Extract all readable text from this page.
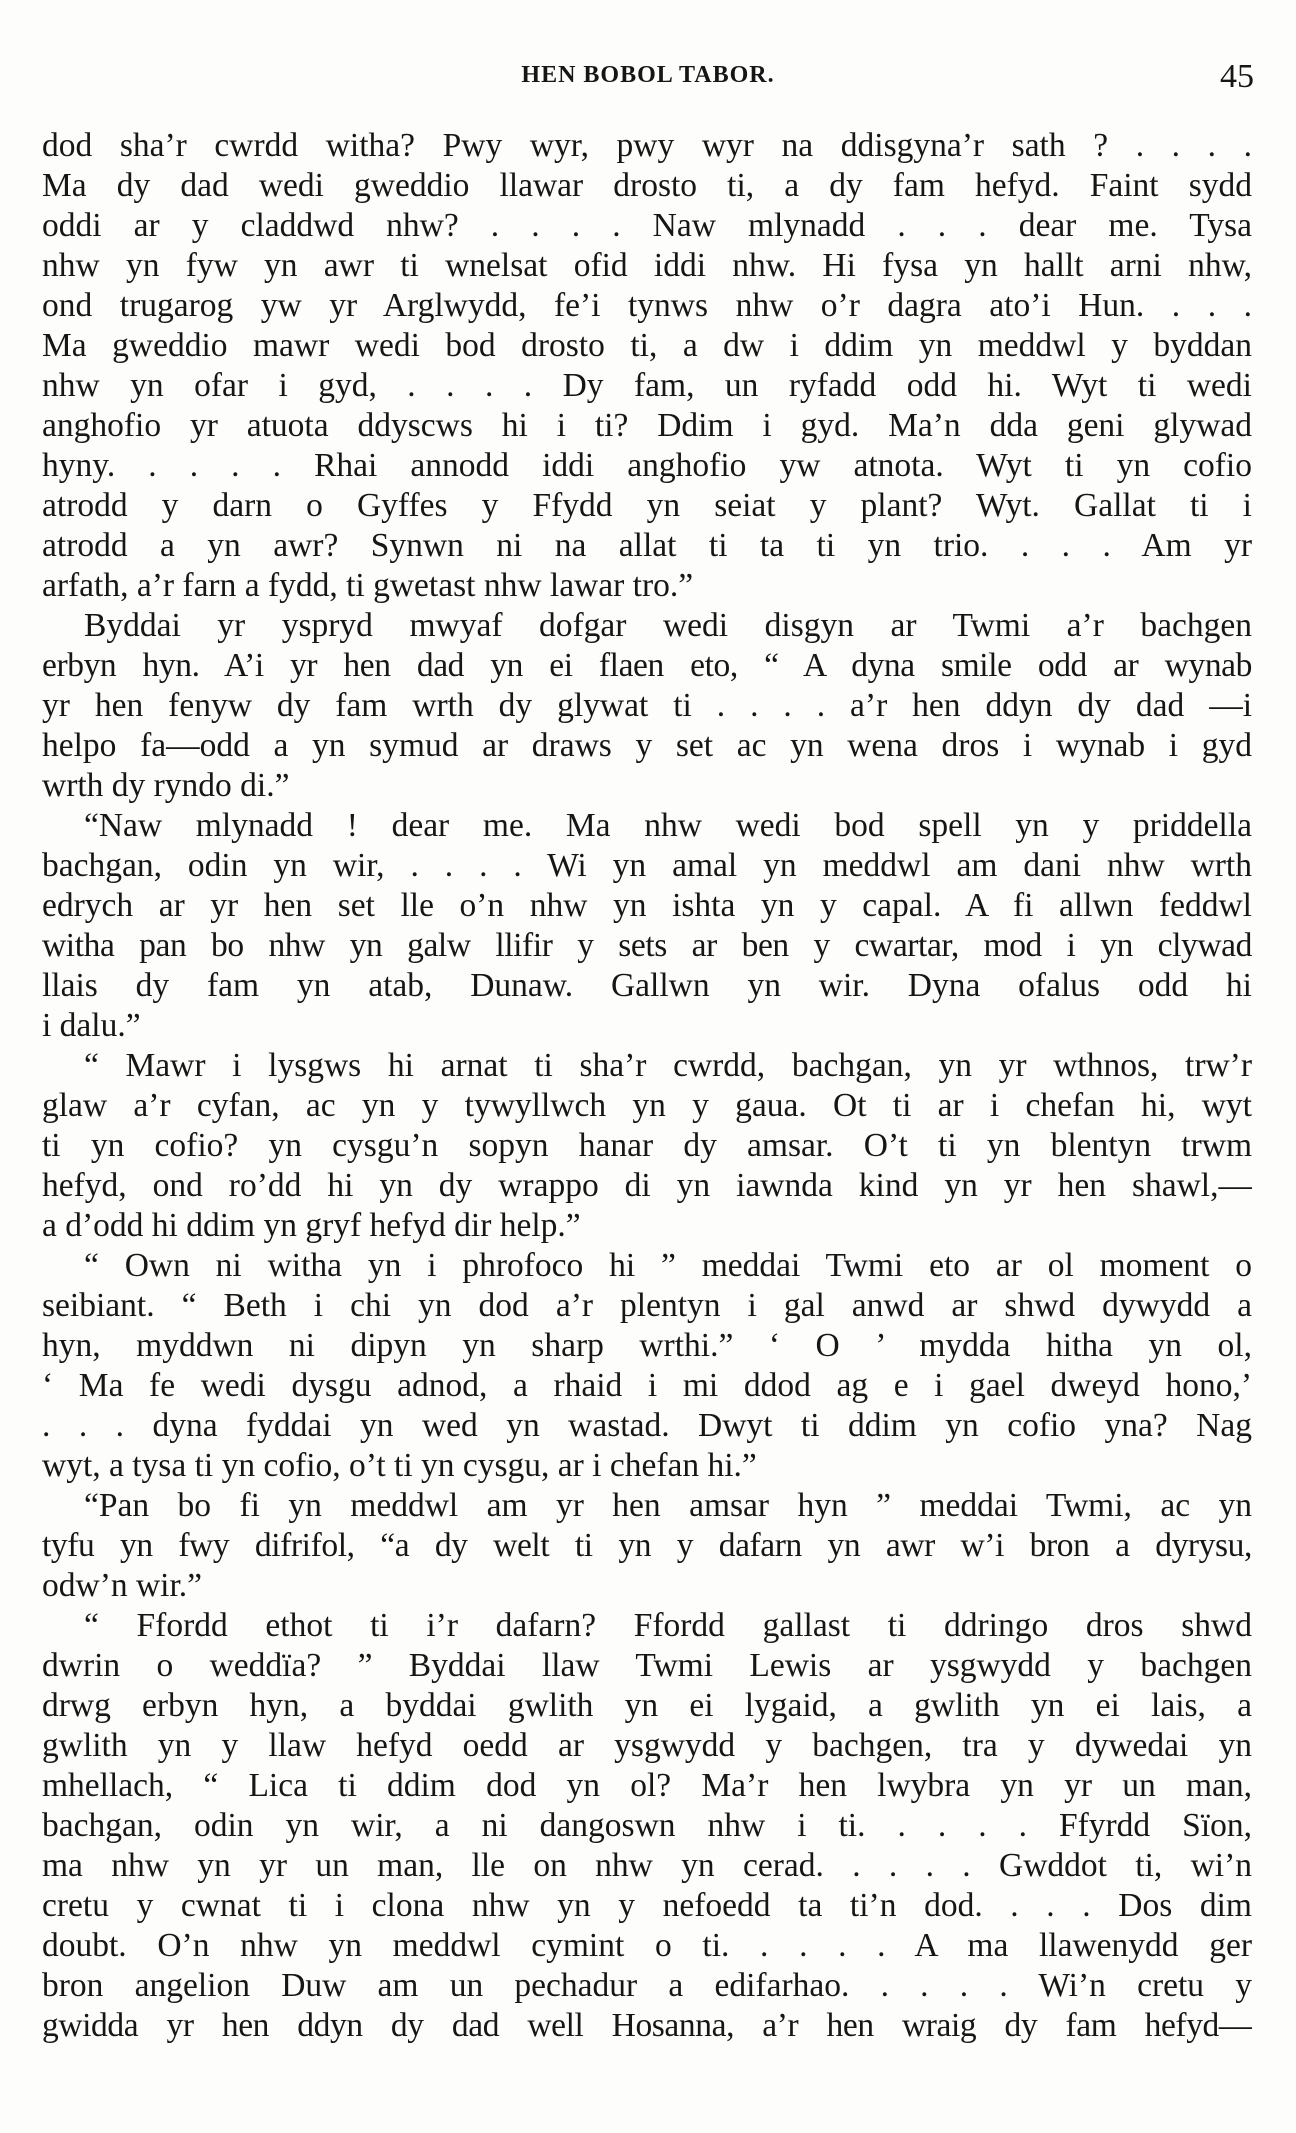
HEN BOBOL TABOR.	45
dod sha’r cwrdd witha? Pwy wyr, pwy wyr na ddisgyna’r sath ? . . . .
Ma dy dad wedi gweddio llawar drosto ti, a dy fam hefyd. Faint sydd
oddi ar y claddwd nhw? . . . . Naw mlynadd . . . dear me. Tysa
nhw yn fyw yn awr ti wnelsat ofid iddi nhw. Hi fysa yn hallt arni nhw,
ond trugarog yw yr Arglwydd, fe’i tynws nhw o’r dagra ato’i Hun. . . .
Ma gweddio mawr wedi bod drosto ti, a dw i ddim yn meddwl y byddan
nhw yn ofar i gyd, . . . . Dy fam, un ryfadd odd hi. Wyt ti wedi
anghofio yr atuota ddyscws hi i ti? Ddim i gyd. Ma’n dda geni glywad
hyny. . . . . Rhai annodd iddi anghofio yw atnota. Wyt ti yn cofio
atrodd y darn o Gyffes y Ffydd yn seiat y plant? Wyt. Gallat ti i
atrodd a yn awr? Synwn ni na allat ti ta ti yn trio. . . . Am yr
arfath, a’r farn a fydd, ti gwetast nhw lawar tro.”
Byddai yr yspryd mwyaf dofgar wedi disgyn ar Twmi a’r bachgen
erbyn hyn. A’i yr hen dad yn ei flaen eto, “ A dyna smile odd ar wynab
yr hen fenyw dy fam wrth dy glywat ti . . . . a’r hen ddyn dy dad —i
helpo fa—odd a yn symud ar draws y set ac yn wena dros i wynab i gyd
wrth dy ryndo di.”
“Naw mlynadd ! dear me. Ma nhw wedi bod spell yn y priddella
bachgan, odin yn wir, . . . . Wi yn amal yn meddwl am dani nhw wrth
edrych ar yr hen set lle o’n nhw yn ishta yn y capal. A fi allwn feddwl
witha pan bo nhw yn galw llifir y sets ar ben y cwartar, mod i yn clywad
llais dy fam yn atab, Dunaw. Gallwn yn wir. Dyna ofalus odd hi
i dalu.”
“ Mawr i lysgws hi arnat ti sha’r cwrdd, bachgan, yn yr wthnos, trw’r
glaw a’r cyfan, ac yn y tywyllwch yn y gaua. Ot ti ar i chefan hi, wyt
ti yn cofio? yn cysgu’n sopyn hanar dy amsar. O’t ti yn blentyn trwm
hefyd, ond ro’dd hi yn dy wrappo di yn iawnda kind yn yr hen shawl,—
a d’odd hi ddim yn gryf hefyd dir help.”
“ Own ni witha yn i phrofoco hi ” meddai Twmi eto ar ol moment o
seibiant. “ Beth i chi yn dod a’r plentyn i gal anwd ar shwd dywydd a
hyn, myddwn ni dipyn yn sharp wrthi.” ‘ O ’ mydda hitha yn ol,
‘ Ma fe wedi dysgu adnod, a rhaid i mi ddod ag e i gael dweyd hono,’
. . . dyna fyddai yn wed yn wastad. Dwyt ti ddim yn cofio yna? Nag
wyt, a tysa ti yn cofio, o’t ti yn cysgu, ar i chefan hi.”
“Pan bo fi yn meddwl am yr hen amsar hyn ” meddai Twmi, ac yn
tyfu yn fwy difrifol, “a dy welt ti yn y dafarn yn awr w’i bron a dyrysu,
odw’n wir.”
“ Ffordd ethot ti i’r dafarn? Ffordd gallast ti ddringo dros shwd
dwrin o weddïa? ” Byddai llaw Twmi Lewis ar ysgwydd y bachgen
drwg erbyn hyn, a byddai gwlith yn ei lygaid, a gwlith yn ei lais, a
gwlith yn y llaw hefyd oedd ar ysgwydd y bachgen, tra y dywedai yn
mhellach, “ Lica ti ddim dod yn ol? Ma’r hen lwybra yn yr un man,
bachgan, odin yn wir, a ni dangoswn nhw i ti. . . . . Ffyrdd Sïon,
ma nhw yn yr un man, lle on nhw yn cerad. . . . . Gwddot ti, wi’n
cretu y cwnat ti i clona nhw yn y nefoedd ta ti’n dod. . . . Dos dim
doubt. O’n nhw yn meddwl cymint o ti. . . . . A ma llawenydd ger
bron angelion Duw am un pechadur a edifarhao. . . . . Wi’n cretu y
gwidda yr hen ddyn dy dad well Hosanna, a’r hen wraig dy fam hefyd—
